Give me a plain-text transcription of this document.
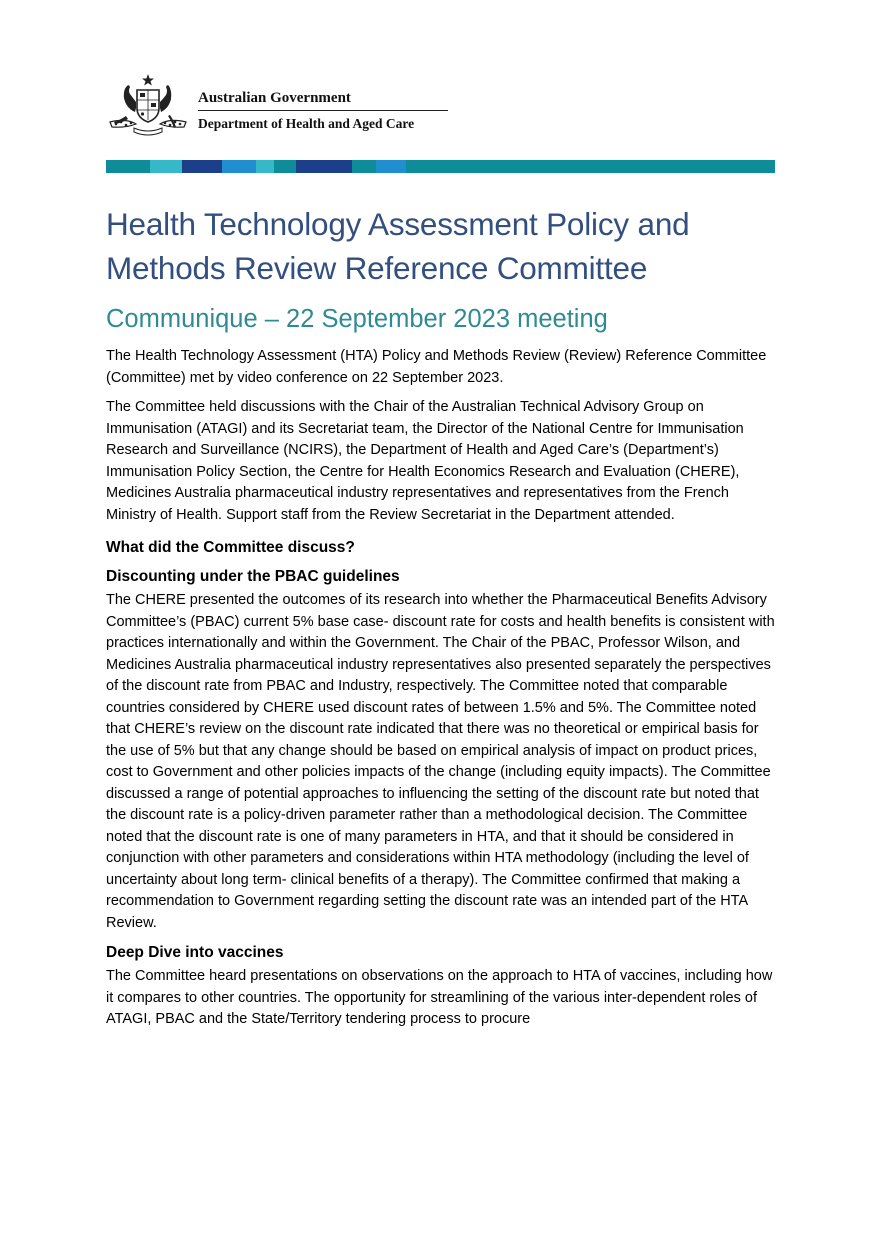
Australian Government
Department of Health and Aged Care
Health Technology Assessment Policy and Methods Review Reference Committee
Communique – 22 September 2023 meeting

The Health Technology Assessment (HTA) Policy and Methods Review (Review) Reference Committee (Committee) met by video conference on 22 September 2023.

The Committee held discussions with the Chair of the Australian Technical Advisory Group on Immunisation (ATAGI) and its Secretariat team, the Director of the National Centre for Immunisation Research and Surveillance (NCIRS), the Department of Health and Aged Care’s (Department’s) Immunisation Policy Section, the Centre for Health Economics Research and Evaluation (CHERE), Medicines Australia pharmaceutical industry representatives and representatives from the French Ministry of Health. Support staff from the Review Secretariat in the Department attended.

What did the Committee discuss?
Discounting under the PBAC guidelines

The CHERE presented the outcomes of its research into whether the Pharmaceutical Benefits Advisory Committee’s (PBAC) current 5% base case- discount rate for costs and health benefits is consistent with practices internationally and within the Government. The Chair of the PBAC, Professor Wilson, and Medicines Australia pharmaceutical industry representatives also presented separately the perspectives of the discount rate from PBAC and Industry, respectively. The Committee noted that comparable countries considered by CHERE used discount rates of between 1.5% and 5%. The Committee noted that CHERE’s review on the discount rate indicated that there was no theoretical or empirical basis for the use of 5% but that any change should be based on empirical analysis of impact on product prices, cost to Government and other policies impacts of the change (including equity impacts). The Committee discussed a range of potential approaches to influencing the setting of the discount rate but noted that the discount rate is a policy-driven parameter rather than a methodological decision. The Committee noted that the discount rate is one of many parameters in HTA, and that it should be considered in conjunction with other parameters and considerations within HTA methodology (including the level of uncertainty about long term- clinical benefits of a therapy). The Committee confirmed that making a recommendation to Government regarding setting the discount rate was an intended part of the HTA Review.

Deep Dive into vaccines

The Committee heard presentations on observations on the approach to HTA of vaccines, including how it compares to other countries. The opportunity for streamlining of the various inter-dependent roles of ATAGI, PBAC and the State/Territory tendering process to procure
